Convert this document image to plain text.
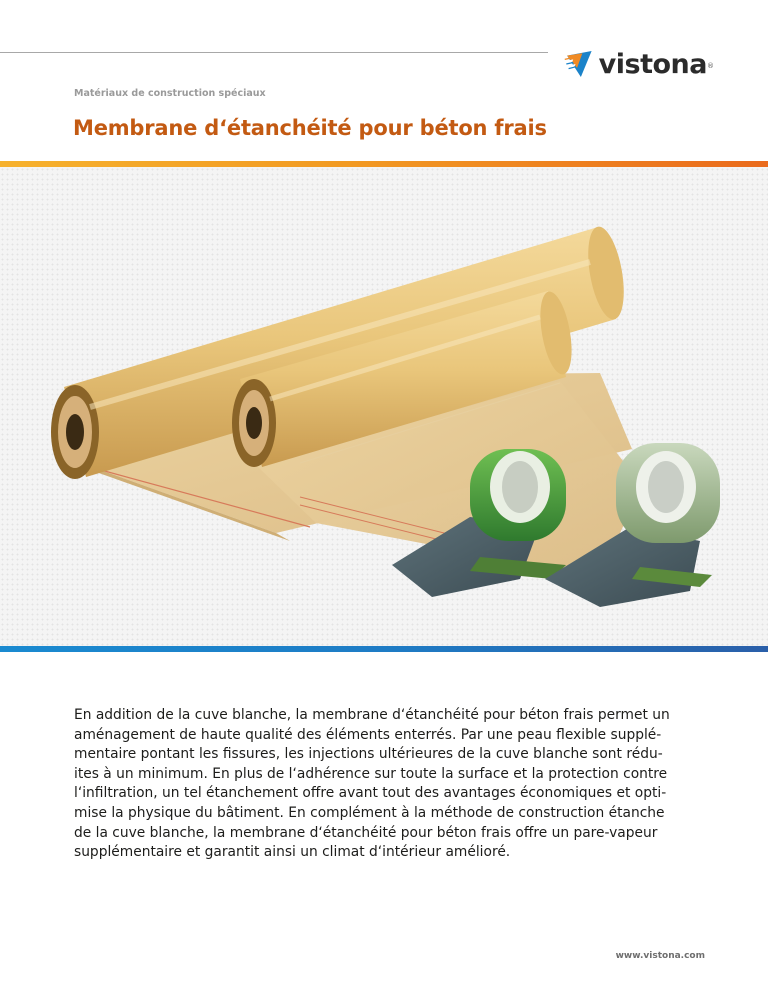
vistona ®
Matériaux de construction spéciaux
Membrane d‘étanchéité pour béton frais

En addition de la cuve blanche, la membrane d‘étanchéité pour béton frais permet un
aménagement de haute qualité des éléments enterrés. Par une peau flexible supplé-
mentaire pontant les fissures, les injections ultérieures de la cuve blanche sont rédu-
ites à un minimum. En plus de l‘adhérence sur toute la surface et la protection contre
l‘infiltration, un tel étanchement offre avant tout des avantages économiques et opti-
mise la physique du bâtiment. En complément à la méthode de construction étanche
de la cuve blanche, la membrane d‘étanchéité pour béton frais offre un pare-vapeur
supplémentaire et garantit ainsi un climat d‘intérieur amélioré.

www.vistona.com
